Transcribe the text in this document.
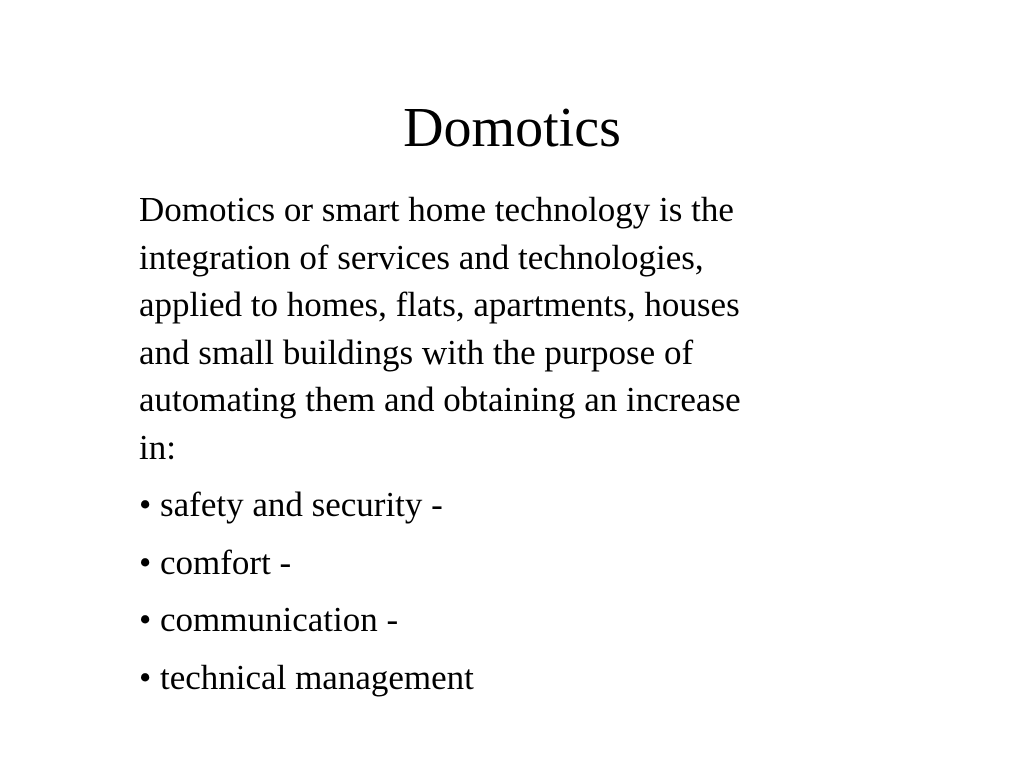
Domotics

Domotics or smart home technology is the
integration of services and technologies,
applied to homes, flats, apartments, houses
and small buildings with the purpose of
automating them and obtaining an increase
in:

• safety and security -
• comfort -
• communication -
• technical management
